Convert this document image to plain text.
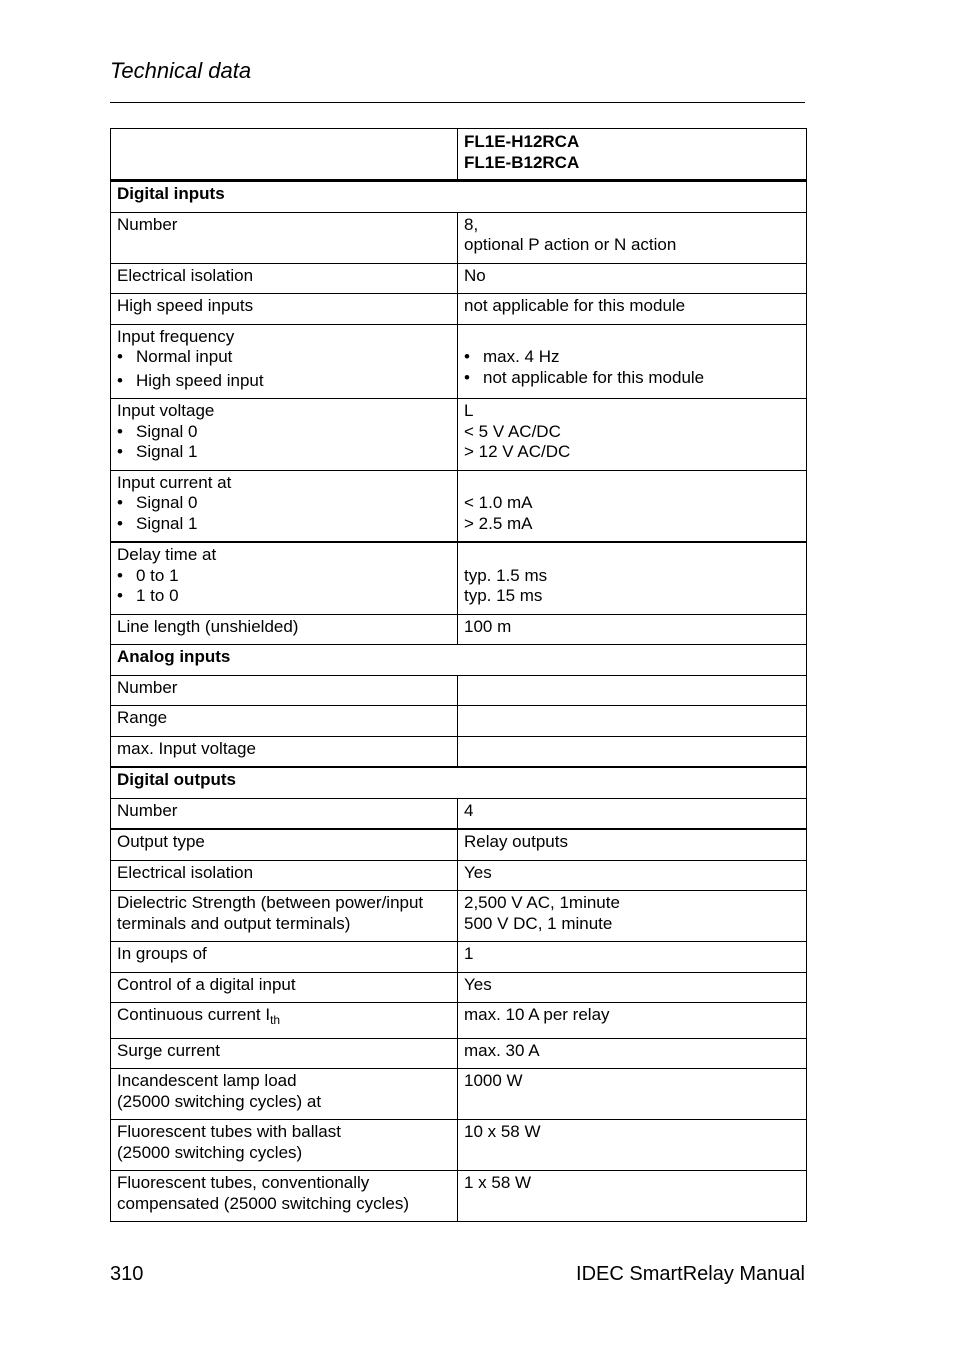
Technical data

	FL1E-H12RCA
FL1E-B12RCA

Digital inputs	
Number	8,
optional P action or N action

Electrical isolation	No
High speed inputs	not applicable for this module

Input frequency
• Normal input
• High speed input	• max. 4 Hz
• not applicable for this module

Input voltage
• Signal 0
• Signal 1	L
< 5 V AC/DC
> 12 V AC/DC

Input current at
• Signal 0
• Signal 1	< 1.0 mA
> 2.5 mA

Delay time at
• 0 to 1
• 1 to 0	typ. 1.5 ms
typ. 15 ms

Line length (unshielded)	100 m
Analog inputs	
Number	
Range	
max. Input voltage	
Digital outputs	
Number	4
Output type	Relay outputs
Electrical isolation	Yes

Dielectric Strength (between power/input
terminals and output terminals)	2,500 V AC, 1minute
500 V DC, 1 minute

In groups of	1
Control of a digital input	Yes
Continuous current $I_{th}$	max. 10 A per relay
Surge current	max. 30 A

Incandescent lamp load
(25000 switching cycles) at	1000 W

Fluorescent tubes with ballast
(25000 switching cycles)	10 x 58 W

Fluorescent tubes, conventionally
compensated (25000 switching cycles)	1 x 58 W
310	IDEC SmartRelay Manual
